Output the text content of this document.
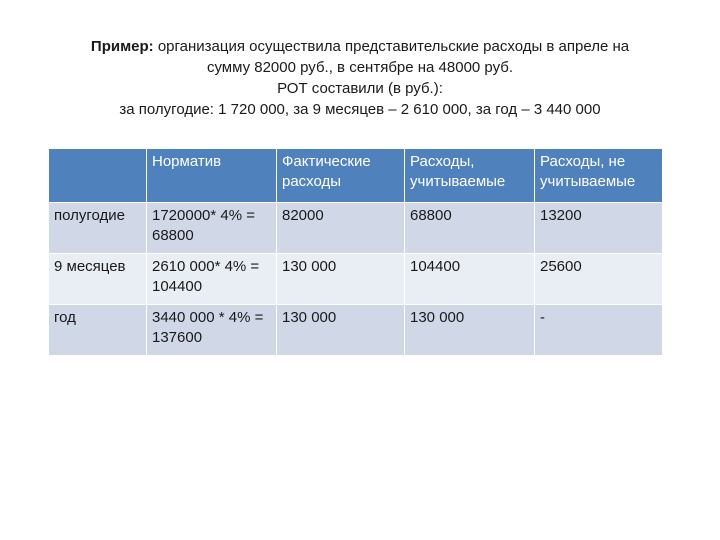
Пример: организация осуществила представительские расходы в апреле на

сумму 82000 руб., в сентябре на 48000 руб.

РОТ составили (в руб.):

за полугодие: 1 720 000, за 9 месяцев – 2 610 000, за год – 3 440 000

	Норматив	Фактические расходы	Расходы, учитываемые	Расходы, не учитываемые
полугодие	1720000* 4% = 68800	82000	68800	13200
9 месяцев	2610 000* 4% = 104400	130 000	104400	25600
год	3440 000 * 4% = 137600	130 000	130 000	-
